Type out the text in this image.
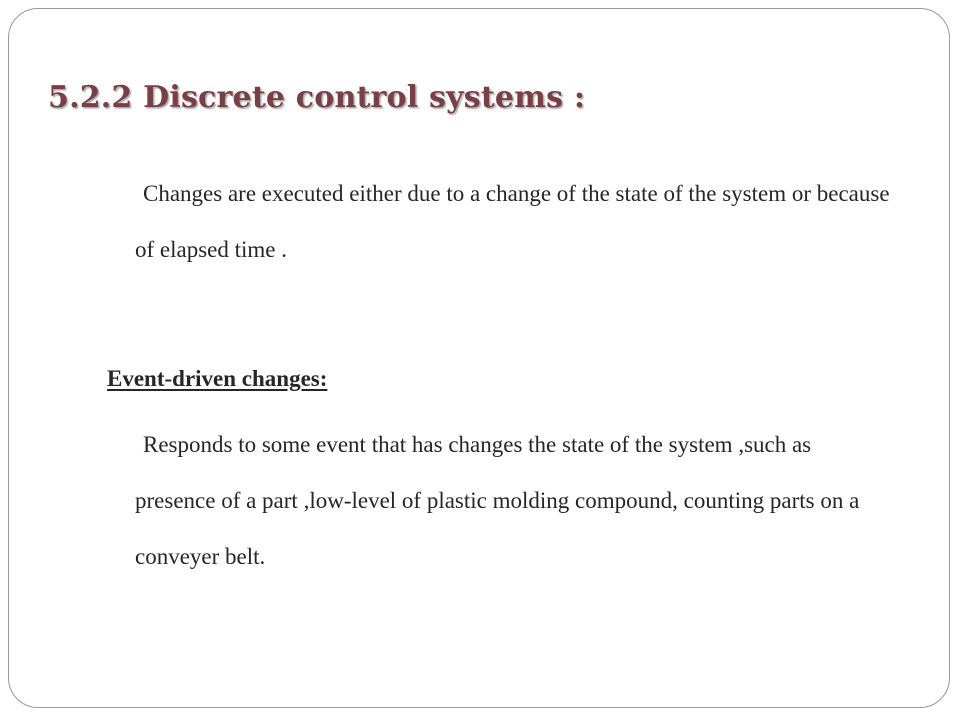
5.2.2 Discrete control systems :

Changes are executed either due to a change of the state of the system or because of elapsed time .

Event-driven changes:

Responds to some event that has changes the state of the system ,such as presence of a part ,low-level of plastic molding compound, counting parts on a conveyer belt.
